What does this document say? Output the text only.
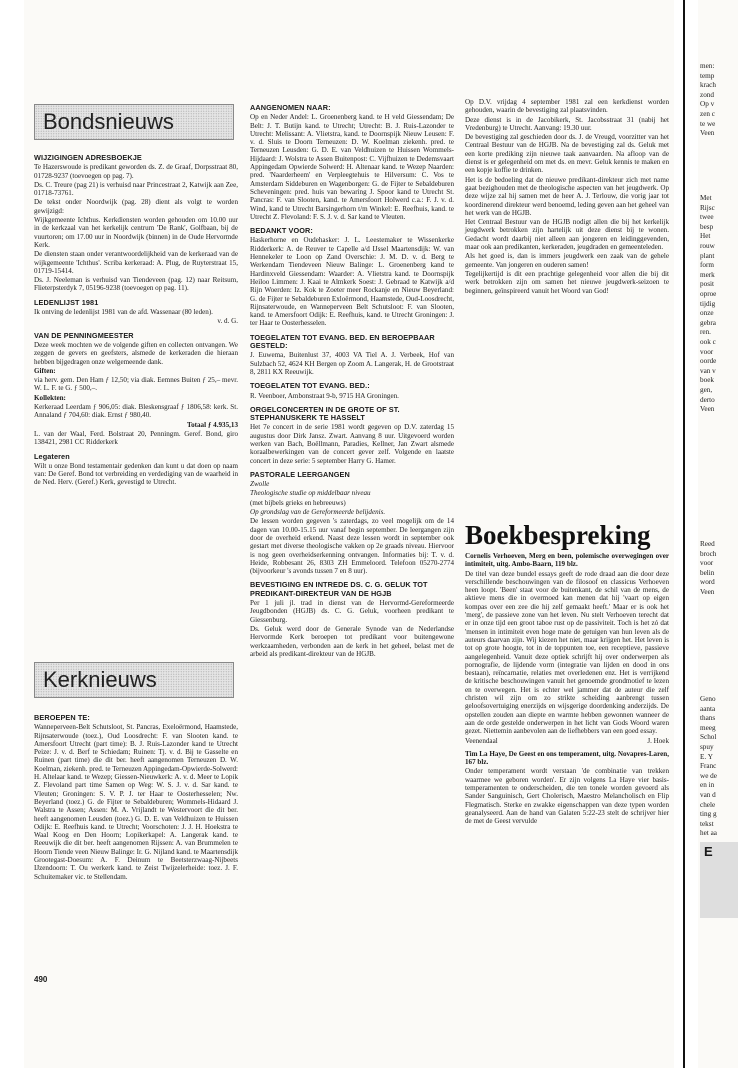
Bondsnieuws
WIJZIGINGEN ADRESBOEKJE

Te Hazerswoude is predikant geworden ds. Z. de Graaf, Dorpsstraat 80, 01728-9237 (toevoegen op pag. 7).

Ds. C. Treure (pag 21) is verhuisd naar Princestraat 2, Katwijk aan Zee, 01718-73761.

De tekst onder Noordwijk (pag. 28) dient als volgt te worden gewijzigd:

Wijkgemeente Ichthus. Kerkdiensten worden gehouden om 10.00 uur in de kerkzaal van het kerkelijk centrum 'De Rank', Golfbaan, bij de vuurtoren; om 17.00 uur in Noordwijk (binnen) in de Oude Hervormde Kerk.

De diensten staan onder verantwoordelijkheid van de kerkeraad van de wijkgemeente 'Ichthus'. Scriba kerkeraad: A. Plug, de Ruyterstraat 15, 01719-15414.

Ds. J. Neeleman is verhuisd van Tiendeveen (pag. 12) naar Reitsum, Flieterpsterdyk 7, 05196-9238 (toevoegen op pag. 11).

LEDENLIJST 1981

Ik ontving de ledenlijst 1981 van de afd. Wassenaar (80 leden).

v. d. G.

VAN DE PENNINGMEESTER

Deze week mochten we de volgende giften en collecten ontvangen. We zeggen de gevers en geefsters, alsmede de kerkeraden die hieraan hebben bijgedragen onze welgemeende dank.

Giften:

via herv. gem. Den Ham ƒ 12,50; via diak. Eemnes Buiten ƒ 25,– mevr. W. L. F. te G. ƒ 500,–.

Kollekten:

Kerkeraad Leerdam ƒ 906,05: diak. Bleskensgraaf ƒ 1806,58: kerk. St. Annaland ƒ 704,60: diak. Ernst ƒ 980,40.

Totaal ƒ 4.935,13

L. van der Waal, Ferd. Bolstraat 20, Penningm. Geref. Bond, giro 138421, 2981 CC Ridderkerk

Legateren

Wilt u onze Bond testamentair gedenken dan kunt u dat doen op naam van: De Geref. Bond tot verbreiding en verdediging van de waarheid in de Ned. Herv. (Geref.) Kerk, gevestigd te Utrecht.

Kerknieuws
BEROEPEN TE:

Wanneperveen-Belt Schutsloot, St. Pancras, Exeloërmond, Haamstede, Rijnsaterwoude (toez.), Oud Loosdrecht: F. van Slooten kand. te Amersfoort Utrecht (part time): B. J. Ruis-Lazonder kand te Utrecht Peize: J. v. d. Berf te Schiedam; Ruinen: Tj. v. d. Bij te Gasselte en Ruinen (part time) die dit ber. heeft aangenomen Terneuzen D. W. Koelman, ziekenh. pred. te Terneuzen Appingedam-Opwierde-Solwerd: H. Altelaar kand. te Wezep; Giessen-Nieuwkerk: A. v. d. Meer te Lopik Z. Flevoland part time Samen op Weg: W. S. J. v. d. Sar kand. te Vleuten; Groningen: S. V. P. J. ter Haar te Oosterhesselen; Nw. Beyerland (toez.) G. de Fijter te Sebaldeburen; Wommels-Hidaard J. Walstra te Assen; Assen: M. A. Vrijlandt te Westervoort die dit ber. heeft aangenomen Leusden (toez.) G. D. E. van Veldhuizen te Huissen Odijk: E. Reefhuis kand. te Utrecht; Voorschoten: J. J. H. Hoekstra te Waal Koog en Den Hoorn; Lopikerkapel: A. Langerak kand. te Reeuwijk die dit ber. heeft aangenomen Rijssen: A. van Brummelen te Hoorn Tiende veen Nieuw Balinge: Ir. G. Nijland kand. te Maartensdijk Grootegast-Doesum: A. F. Deinum te Beetsterzwaag-Nijbeets IJzendoorn: T. Ou werkerk kand. te Zeist Twijzelerheide: toez. J. F. Schuitemaker vic. te Stellendam.

AANGENOMEN NAAR:

Op en Neder Andel: L. Groenenberg kand. te H veld Giessendam; De Belt: J. T. Butijn kand. te Utrecht; Utrecht: B. J. Ruis-Lazonder te Utrecht: Melissant: A. Vlietstra, kand. te Doornspijk Nieuw Leusen: F. v. d. Sluis te Doorn Terneuzen: D. W. Koelman ziekenh. pred. te Terneuzen Leusden: G. D. E. van Veldhuizen te Huissen Wommels-Hijdaard: J. Wolstra te Assen Buitenpost: C. Vijfhuizen te Dedemsvaart Appingedam Opwierde Solwerd: H. Altenaar kand. te Wezep Naarden: pred. 'Naarderheem' en Verpleegtehuis te Hilversum: C. Vos te Amsterdam Siddeburen en Wagenborgen: G. de Fijter te Sebaldeburen Scheveningen: pred. huis van bewaring J. Spoor kand te Utrecht St. Pancras: F. van Slooten, kand. te Amersfoort Holwerd c.a.: F. J. v. d. Wind, kand te Utrecht Barsingerhorn t/m Winkel: E. Reefhuis, kand. te Utrecht Z. Flevoland: F. S. J. v. d. Sar kand te Vleuten.

BEDANKT VOOR:

Haskerhorne en Oudehasker: J. L. Leestemaker te Wissenkerke Ridderkerk: A. de Reuver te Capelle a/d IJssel Maartensdijk: W. van Hennekeler te Loon op Zand Overschie: J. M. D. v. d. Berg te Werkendam Tiendeveen Nieuw Balinge: L. Groenenberg kand te Hardinxveld Giessendam: Waarder: A. Vlietstra kand. te Doornspijk Heiloo Limmen: J. Kaai te Almkerk Soest: J. Gebraad te Katwijk a/d Rijn Woerden: Iz. Kok te Zoeter meer Rockanje en Nieuw Beyerland: G. de Fijter te Sebaldeburen Exloërmond, Haamstede, Oud-Loosdrecht, Rijnsaterwoude, en Wanneperveen Belt Schutsloot: F. van Slooten, kand. te Amersfoort Odijk: E. Reefhuis, kand. te Utrecht Groningen: J. ter Haar te Oosterhesselen.

TOEGELATEN TOT EVANG. BED. EN BEROEPBAAR GESTELD:

J. Euwema, Buitenlust 37, 4003 VA Tiel A. J. Verbeek, Hof van Sulzbach 52, 4624 KH Bergen op Zoom A. Langerak, H. de Grootstraat 8, 2811 KX Reeuwijk.

TOEGELATEN TOT EVANG. BED.:

R. Veenboer, Ambonstraat 9-b, 9715 HA Groningen.

ORGELCONCERTEN IN DE GROTE OF ST. STEPHANUSKERK TE HASSELT

Het 7e concert in de serie 1981 wordt gegeven op D.V. zaterdag 15 augustus door Dirk Jansz. Zwart. Aanvang 8 uur. Uitgevoerd worden werken van Bach, Boëllmann, Paradies, Kellner, Jan Zwart alsmede koraalbewerkingen van de concert gever zelf. Volgende en laatste concert in deze serie: 5 september Harry G. Hamer.

PASTORALE LEERGANGEN

Zwolle

Theologische studie op middelbaar niveau

(met bijbels grieks en hebreeuws)

Op grondslag van de Gereformeerde belijdenis.

De lessen worden gegeven 's zaterdags, zo veel mogelijk om de 14 dagen van 10.00-15.15 uur vanaf begin september. De leergangen zijn door de overheid erkend. Naast deze lessen wordt in september ook gestart met diverse theologische vakken op 2e graads niveau. Hiervoor is nog geen overheidserkenning ontvangen. Informaties bij: T. v. d. Heide, Robbesant 26, 8303 ZH Emmeloord. Telefoon 05270-2774 (bijvoorkeur 's avonds tussen 7 en 8 uur).

BEVESTIGING EN INTREDE DS. C. G. GELUK TOT PREDIKANT-DIREKTEUR VAN DE HGJB

Per 1 juli jl. trad in dienst van de Hervormd-Gereformeerde Jeugdbonden (HGJB) ds. C. G. Geluk, voorheen predikant te Giessenburg.

Ds. Geluk werd door de Generale Synode van de Nederlandse Hervormde Kerk beroepen tot predikant voor buitengewone werkzaamheden, verbonden aan de kerk in het geheel, belast met de arbeid als predikant-direkteur van de HGJB.

Op D.V. vrijdag 4 september 1981 zal een kerkdienst worden gehouden, waarin de bevestiging zal plaatsvinden.

Deze dienst is in de Jacobikerk, St. Jacobsstraat 31 (nabij het Vredenburg) te Utrecht. Aanvang: 19.30 uur.

De bevestiging zal geschieden door ds. J. de Vreugd, voorzitter van het Centraal Bestuur van de HGJB. Na de bevestiging zal ds. Geluk met een korte prediking zijn nieuwe taak aanvaarden. Na afloop van de dienst is er gelegenheid om met ds. en mevr. Geluk kennis te maken en een kopje koffie te drinken.

Het is de bedoeling dat de nieuwe predikant-direkteur zich met name gaat bezighouden met de theologische aspecten van het jeugdwerk. Op deze wijze zal hij samen met de heer A. J. Terlouw, die vorig jaar tot koordinerend direkteur werd benoemd, leding geven aan het geheel van het werk van de HGJB.

Het Centraal Bestuur van de HGJB nodigt allen die bij het kerkelijk jeugdwerk betrokken zijn hartelijk uit deze dienst bij te wonen. Gedacht wordt daarbij niet alleen aan jongeren en leidinggevenden, maar ook aan predikanten, kerkeraden, jeugdraden en gemeenteleden.

Als het goed is, dan is immers jeugdwerk een zaak van de gehele gemeente. Van jongeren en ouderen samen!

Tegelijkertijd is dit een prachtige gelegenheid voor allen die bij dit werk betrokken zijn om samen het nieuwe jeugdwerk-seizoen te beginnen, geïnspireerd vanuit het Woord van God!

Boekbespreking

Cornelis Verhoeven, Merg en been, polemische overwegingen over intimiteit, uitg. Ambo-Baarn, 119 blz.

De titel van deze bundel essays geeft de rode draad aan die door deze verschillende beschouwingen van de filosoof en classicus Verhoeven heen loopt. 'Been' staat voor de buitenkant, de schil van de mens, de aktieve mens die in overmoed kan menen dat hij 'vaart op eigen kompas over een zee die hij zelf gemaakt heeft.' Maar er is ook het 'merg', de passieve zone van het leven. Nu stelt Verhoeven terecht dat er in onze tijd een groot taboe rust op de passiviteit. Toch is het zó dat 'mensen in intimiteit even hoge mate de getuigen van hun leven als de auteurs daarvan zijn. Wij kiezen het niet, maar krijgen het. Het leven is tot op grote hoogte, tot in de toppunten toe, een receptieve, passieve aangelegenheid. Vanuit deze optiek schrijft hij over onderwerpen als pornografie, de lijdende vorm (integratie van lijden en dood in ons bestaan), reïncarnatie, relaties met overledenen enz. Het is verrijkend de kritische beschouwingen vanuit het genoemde grondmotief te lezen en te overwegen. Het is echter wel jammer dat de auteur die zelf christen wil zijn om zo strikte scheiding aanbrengt tussen geloofsovertuiging enerzijds en wijsgerige doordenking anderzijds. De opstellen zouden aan diepte en warmte hebben gewonnen wanneer de aan de orde gestelde onderwerpen in het licht van Gods Woord waren gezet. Niettemin aanbevolen aan de liefhebbers van een goed essay.

Veenendaal	J. Hoek

Tim La Haye, De Geest en ons temperament, uitg. Novapres-Laren, 167 blz.

Onder temperament wordt verstaan 'de combinatie van trekken waarmee we geboren worden'. Er zijn volgens La Haye vier basis-temperamenten te onderscheiden, die ten tonele worden gevoerd als Sander Sanguinisch, Gert Cholerisch, Maestro Melancholisch en Flip Flegmatisch. Sterke en zwakke eigenschappen van deze typen worden geanalyseerd. Aan de hand van Galaten 5:22-23 stelt de schrijver hier de met de Geest vervulde

490
men:
temp
krach
zond
Op v
zen c
te we
Veen
Met
Rijsc
twee
besp
Het
rouw
plant
form
merk
posit
oproe
tijdig
onze
gebra
ren.
ook c
voor
oorde
van v
boek
gen,
derto
Veen
Reed
broch
voor
belin
word
Veen
Geno
aanta
thans
meeg
Schol
spuy
E. Y
Franc
we de
en in
van d
chele
ting g
tekst
het aa
E
